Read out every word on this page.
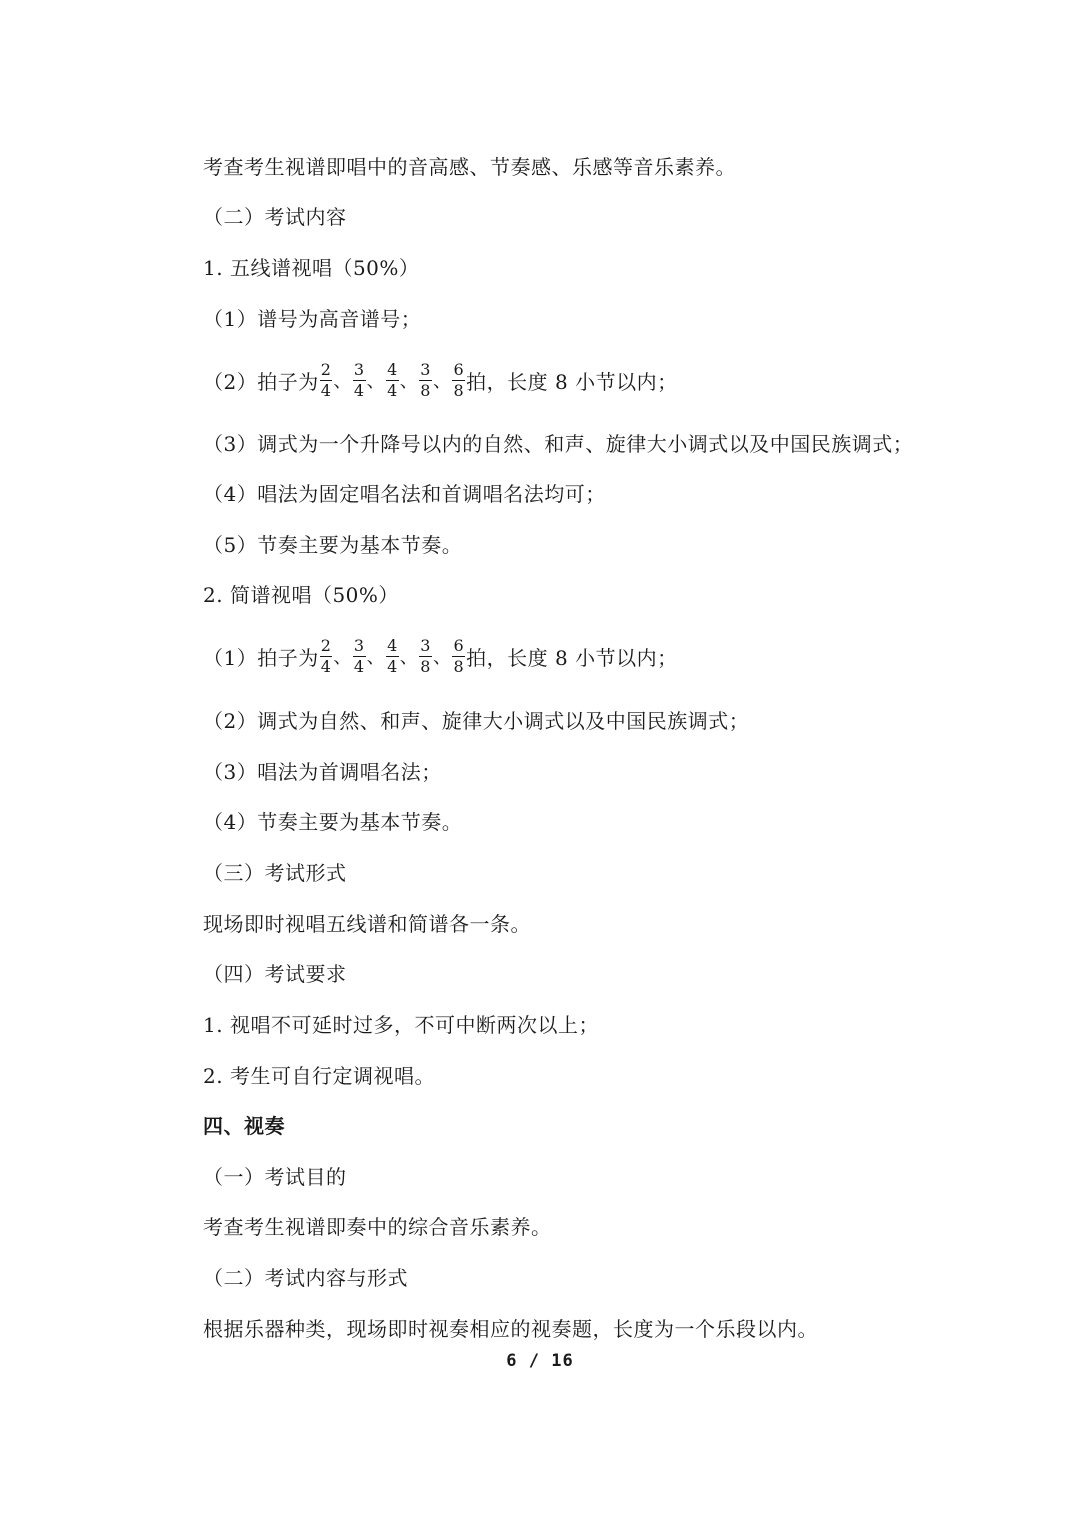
考查考生视谱即唱中的音高感、节奏感、乐感等音乐素养。
（二）考试内容
1. 五线谱视唱（50%）
（1）谱号为高音谱号；
（2）拍子为 $\frac{2}{4}$ 、 $\frac{3}{4}$ 、 $\frac{4}{4}$ 、 $\frac{3}{8}$ 、 $\frac{6}{8}$ 拍，长度 8 小节以内；
（3）调式为一个升降号以内的自然、和声、旋律大小调式以及中国民族调式；
（4）唱法为固定唱名法和首调唱名法均可；
（5）节奏主要为基本节奏。
2. 简谱视唱（50%）
（1）拍子为 $\frac{2}{4}$ 、 $\frac{3}{4}$ 、 $\frac{4}{4}$ 、 $\frac{3}{8}$ 、 $\frac{6}{8}$ 拍，长度 8 小节以内；
（2）调式为自然、和声、旋律大小调式以及中国民族调式；
（3）唱法为首调唱名法；
（4）节奏主要为基本节奏。
（三）考试形式
现场即时视唱五线谱和简谱各一条。
（四）考试要求
1. 视唱不可延时过多，不可中断两次以上；
2. 考生可自行定调视唱。
四、视奏
（一）考试目的
考查考生视谱即奏中的综合音乐素养。
（二）考试内容与形式
根据乐器种类，现场即时视奏相应的视奏题，长度为一个乐段以内。
6 / 16
